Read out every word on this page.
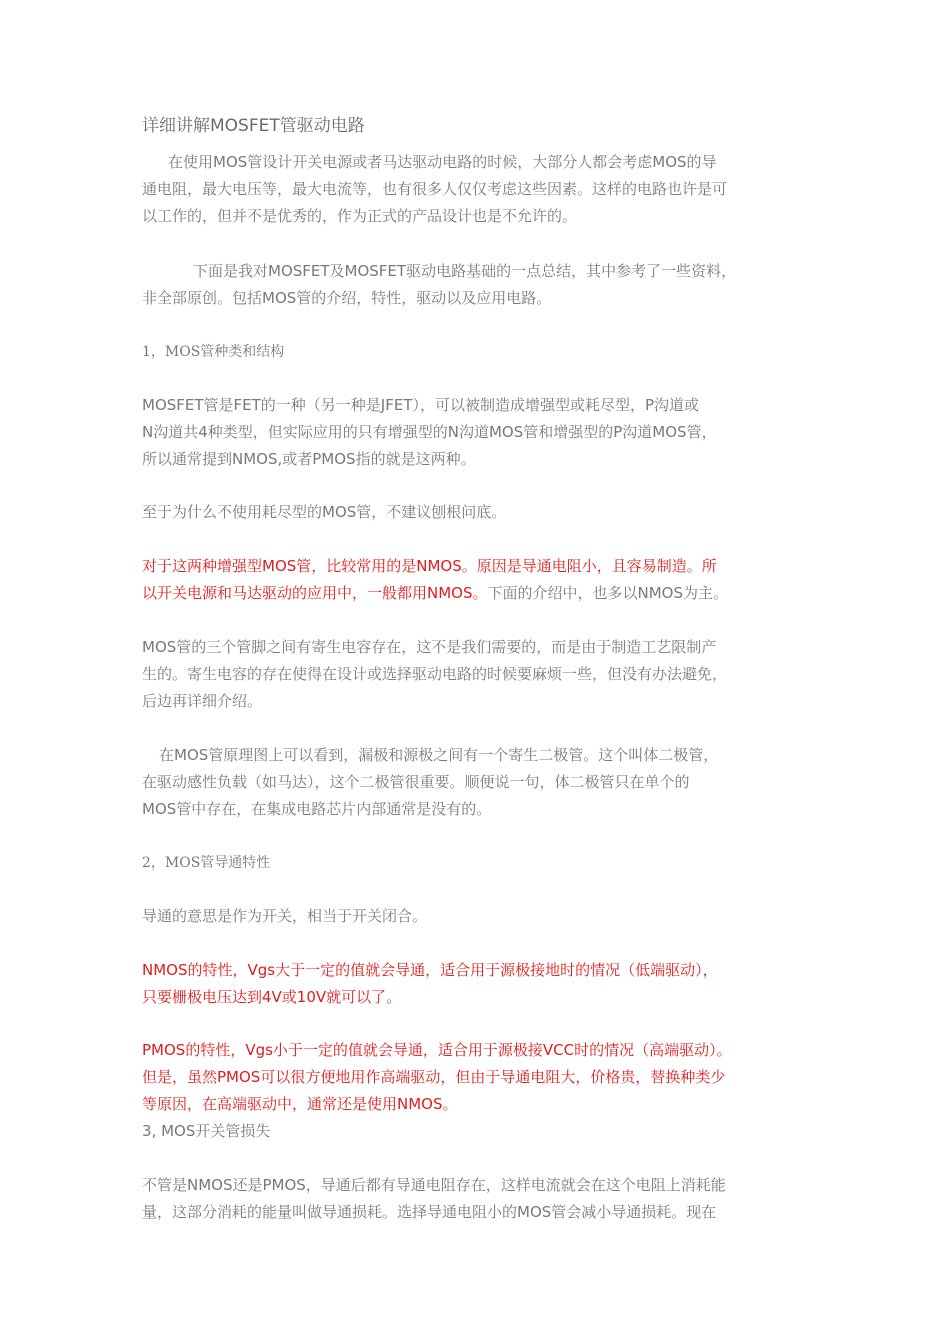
详细讲解MOSFET管驱动电路
在使用MOS管设计开关电源或者马达驱动电路的时候，大部分人都会考虑MOS的导
通电阻，最大电压等，最大电流等，也有很多人仅仅考虑这些因素。这样的电路也许是可
以工作的，但并不是优秀的，作为正式的产品设计也是不允许的。
下面是我对MOSFET及MOSFET驱动电路基础的一点总结，其中参考了一些资料，
非全部原创。包括MOS管的介绍，特性，驱动以及应用电路。
1，MOS管种类和结构
MOSFET管是FET的一种（另一种是JFET），可以被制造成增强型或耗尽型，P沟道或
N沟道共4种类型，但实际应用的只有增强型的N沟道MOS管和增强型的P沟道MOS管，
所以通常提到NMOS,或者PMOS指的就是这两种。
至于为什么不使用耗尽型的MOS管，不建议刨根问底。
对于这两种增强型MOS管，比较常用的是NMOS。原因是导通电阻小，且容易制造。所
以开关电源和马达驱动的应用中，一般都用NMOS。下面的介绍中，也多以NMOS为主。
MOS管的三个管脚之间有寄生电容存在，这不是我们需要的，而是由于制造工艺限制产
生的。寄生电容的存在使得在设计或选择驱动电路的时候要麻烦一些，但没有办法避免，
后边再详细介绍。
在MOS管原理图上可以看到，漏极和源极之间有一个寄生二极管。这个叫体二极管，
在驱动感性负载（如马达），这个二极管很重要。顺便说一句，体二极管只在单个的
MOS管中存在，在集成电路芯片内部通常是没有的。
2，MOS管导通特性
导通的意思是作为开关，相当于开关闭合。
NMOS的特性，Vgs大于一定的值就会导通，适合用于源极接地时的情况（低端驱动），
只要栅极电压达到4V或10V就可以了。
PMOS的特性，Vgs小于一定的值就会导通，适合用于源极接VCC时的情况（高端驱动）。
但是，虽然PMOS可以很方便地用作高端驱动，但由于导通电阻大，价格贵，替换种类少
等原因，在高端驱动中，通常还是使用NMOS。
3, MOS开关管损失
不管是NMOS还是PMOS，导通后都有导通电阻存在，这样电流就会在这个电阻上消耗能
量，这部分消耗的能量叫做导通损耗。选择导通电阻小的MOS管会减小导通损耗。现在
